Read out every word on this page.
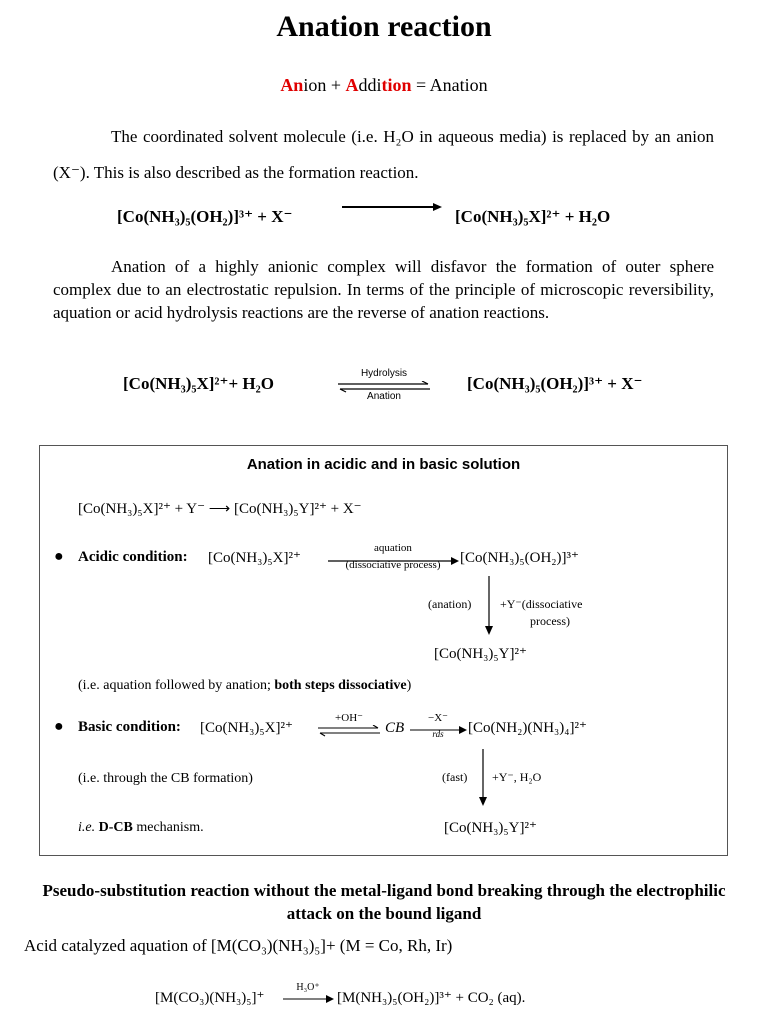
Anation reaction
Anion + Addition = Anation
The coordinated solvent molecule (i.e. H₂O in aqueous media) is replaced by an anion (X⁻). This is also described as the formation reaction.
[Co(NH₃)₅(OH₂)]³⁺ + X⁻	[Co(NH₃)₅X]²⁺ + H₂O
Anation of a highly anionic complex will disfavor the formation of outer sphere complex due to an electrostatic repulsion. In terms of the principle of microscopic reversibility, aquation or acid hydrolysis reactions are the reverse of anation reactions.
[Co(NH₃)₅X]²⁺+ H₂O
Hydrolysis
Anation
[Co(NH₃)₅(OH₂)]³⁺ + X⁻
Anation in acidic and in basic solution
[Co(NH₃)₅X]²⁺ + Y⁻ ⟶ [Co(NH₃)₅Y]²⁺ + X⁻
● Acidic condition: [Co(NH₃)₅X]²⁺
aquation
(dissociative process)	[Co(NH₃)₅(OH₂)]³⁺
(anation) +Y⁻(dissociative
process)
[Co(NH₃)₅Y]²⁺
(i.e. aquation followed by anation; both steps dissociative)
● Basic condition: [Co(NH₃)₅X]²⁺
+OH⁻
CB
−X⁻
rds	[Co(NH₂)(NH₃)₄]²⁺
(i.e. through the CB formation)	(fast) +Y⁻, H₂O
i.e. D-CB mechanism.	[Co(NH₃)₅Y]²⁺
Pseudo-substitution reaction without the metal-ligand bond breaking through the electrophilic attack on the bound ligand
Acid catalyzed aquation of [M(CO₃)(NH₃)₅]+ (M = Co, Rh, Ir)
[M(CO₃)(NH₃)₅]⁺
H₃O⁺
[M(NH₃)₅(OH₂)]³⁺ + CO₂ (aq).
